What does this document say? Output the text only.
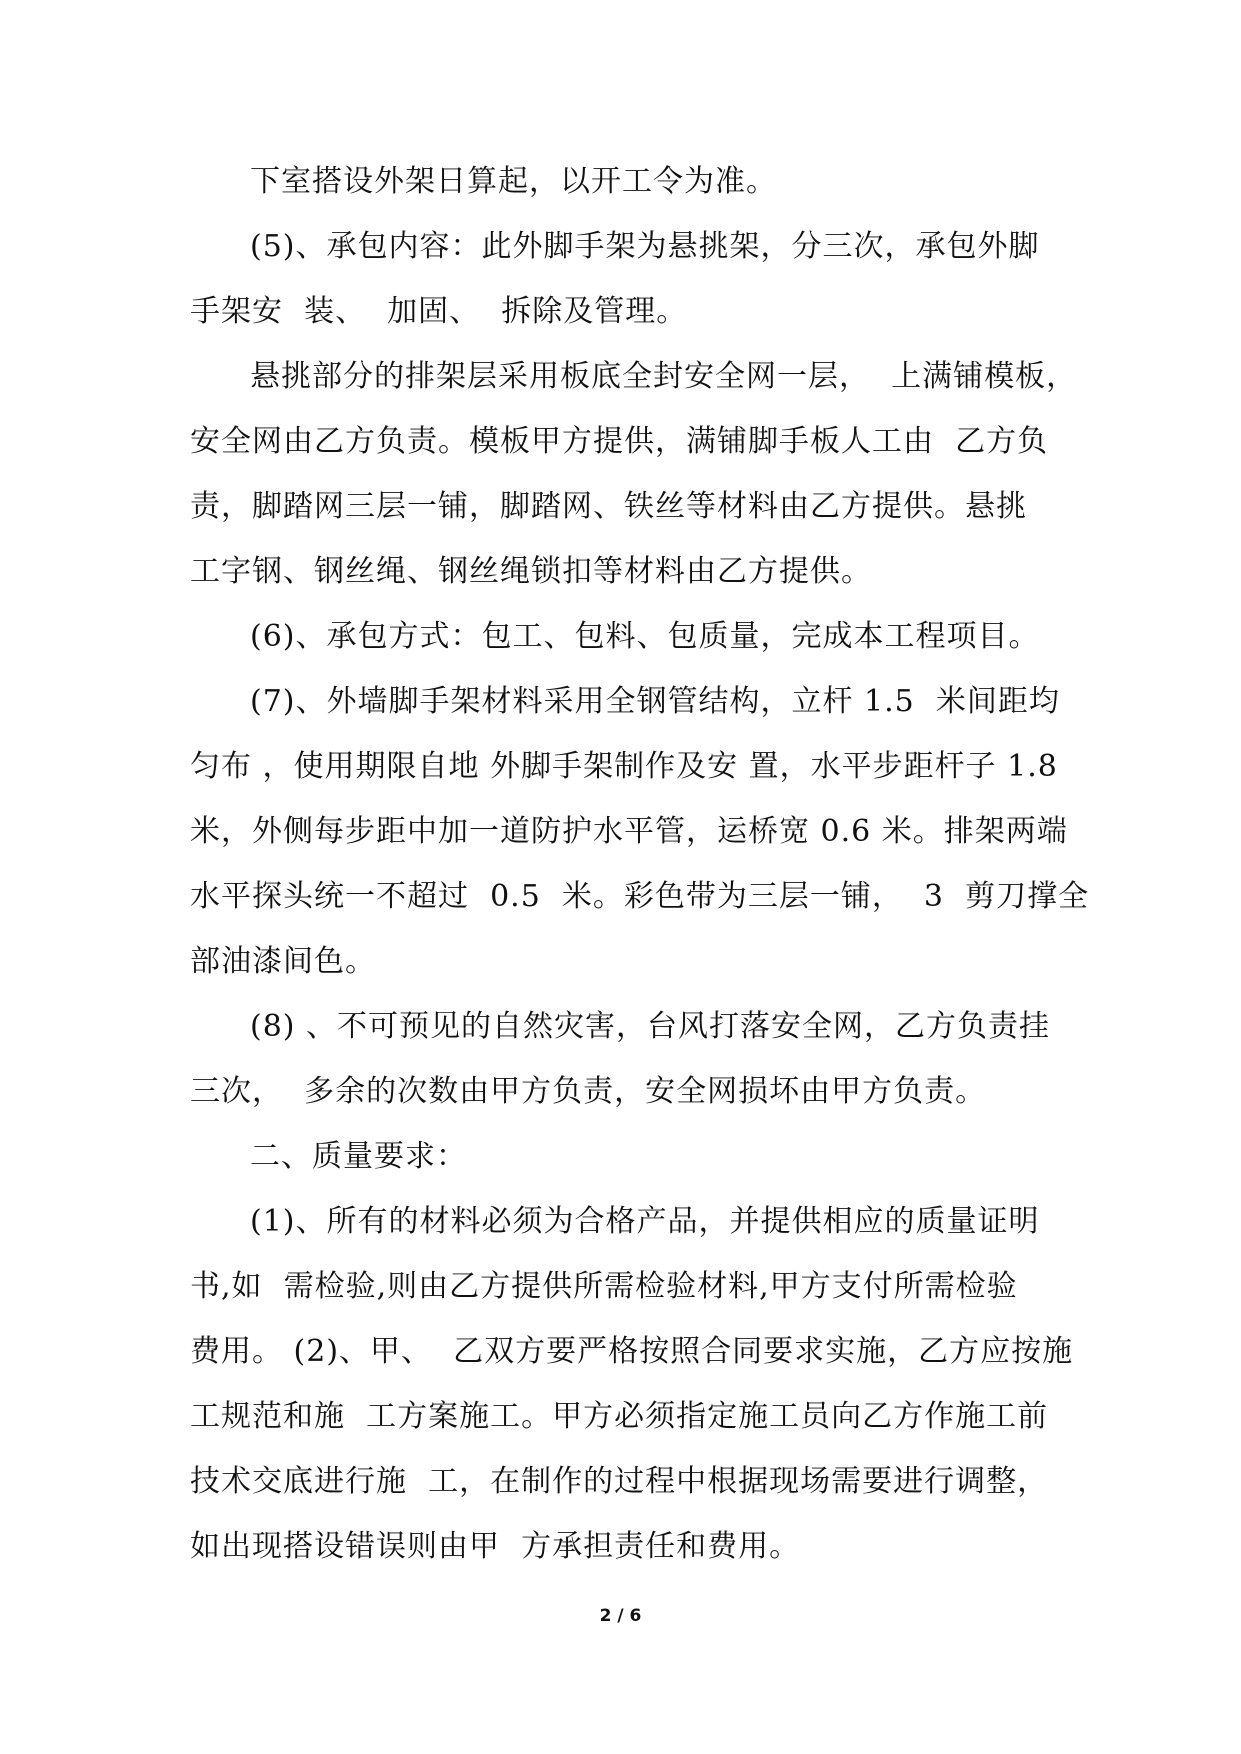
下室搭设外架日算起，以开工令为准。
(5)、承包内容：此外脚手架为悬挑架，分三次，承包外脚
手架安  装、  加固、  拆除及管理。
悬挑部分的排架层采用板底全封安全网一层，  上满铺模板，
安全网由乙方负责。模板甲方提供，满铺脚手板人工由  乙方负
责，脚踏网三层一铺，脚踏网、铁丝等材料由乙方提供。悬挑
工字钢、钢丝绳、钢丝绳锁扣等材料由乙方提供。
(6)、承包方式：包工、包料、包质量，完成本工程项目。
(7)、外墙脚手架材料采用全钢管结构，立杆 1.5  米间距均
匀布 ，使用期限自地 外脚手架制作及安 置，水平步距杆子 1.8
米，外侧每步距中加一道防护水平管，运桥宽 0.6 米。排架两端
水平探头统一不超过  0.5  米。彩色带为三层一铺，  3  剪刀撑全
部油漆间色。
(8) 、不可预见的自然灾害，台风打落安全网，乙方负责挂
三次，  多余的次数由甲方负责，安全网损坏由甲方负责。
二、质量要求：
(1)、所有的材料必须为合格产品，并提供相应的质量证明
书,如  需检验,则由乙方提供所需检验材料,甲方支付所需检验
费用。 (2)、甲、  乙双方要严格按照合同要求实施，乙方应按施
工规范和施  工方案施工。甲方必须指定施工员向乙方作施工前
技术交底进行施  工，在制作的过程中根据现场需要进行调整，
如出现搭设错误则由甲  方承担责任和费用。
2 / 6
